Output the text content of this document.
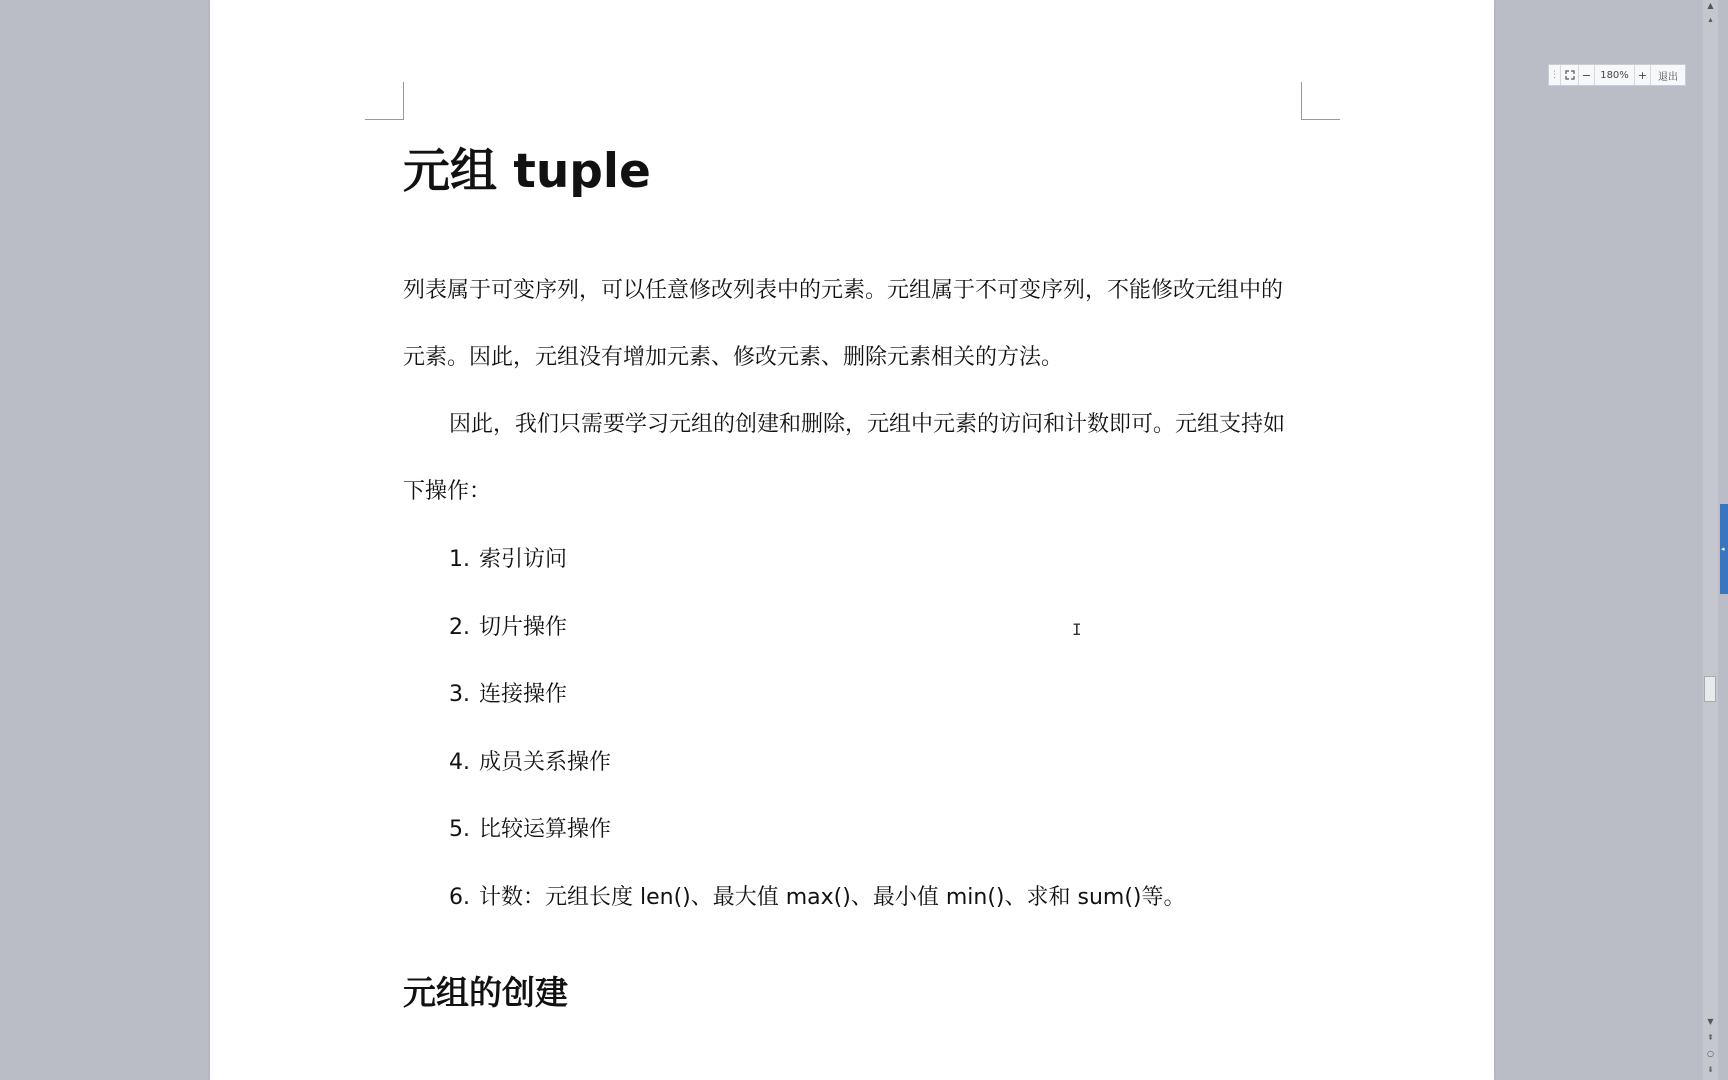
元组 tuple
列表属于可变序列，可以任意修改列表中的元素。元组属于不可变序列，不能修改元组中的元素。因此，元组没有增加元素、修改元素、删除元素相关的方法。
因此，我们只需要学习元组的创建和删除，元组中元素的访问和计数即可。元组支持如下操作：
1. 索引访问
2. 切片操作
3. 连接操作
4. 成员关系操作
5. 比较运算操作
6. 计数：元组长度 len()、最大值 max()、最小值 min()、求和 sum()等。
元组的创建
I
⋮ − 180% +	退出
▲
▴
▼
⇞
○
⇟
◂
